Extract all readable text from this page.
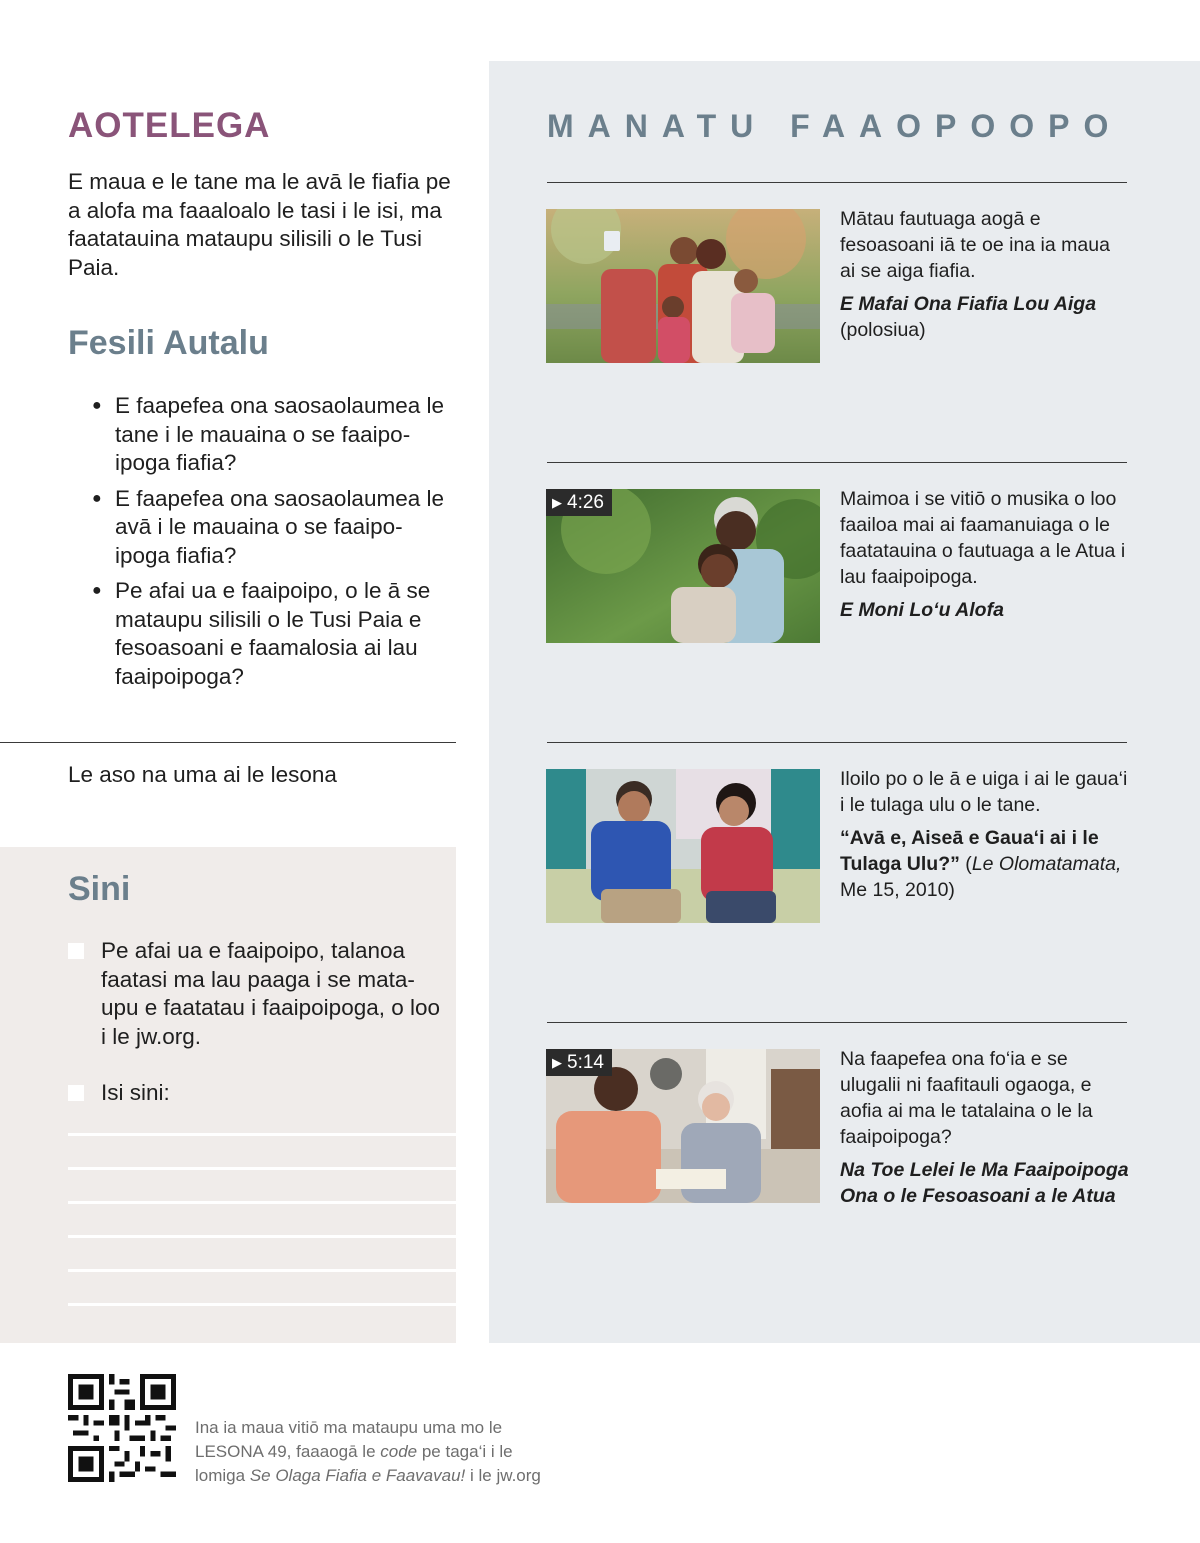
AOTELEGA

E maua e le tane ma le avā le fiafia pe a alofa ma faaaloalo le tasi i le isi, ma faatatauina mataupu silisili o le Tusi Paia.

Fesili Autalu
● E faapefea ona saosaolaumea le tane i le mauaina o se faaipo-ipoga fiafia?
● E faapefea ona saosaolaumea le avā i le mauaina o se faaipo-ipoga fiafia?
● Pe afai ua e faaipoipo, o le ā se mataupu silisili o le Tusi Paia e fesoasoani e faamalosia ai lau faaipoipoga?
Le aso na uma ai le lesona
Sini
Pe afai ua e faaipoipo, talanoa faatasi ma lau paaga i se mata-upu e faatatau i faaipoipoga, o loo i le jw.org.
Isi sini:
MANATU FAAOPOOPO
Mātau fautuaga aogā e fesoasoani iā te oe ina ia maua ai se aiga fiafia.
E Mafai Ona Fiafia Lou Aiga
(polosiua)
▶ 4:26	Maimoa i se vitiō o musika o loo faailoa mai ai faamanuiaga o le faatatauina o fautuaga a le Atua i lau faaipoipoga.
E Moni Lo‘u Alofa
Iloilo po o le ā e uiga i ai le gaua‘i i le tulaga ulu o le tane.
“Avā e, Aiseā e Gaua‘i ai i le Tulaga Ulu?” (Le Olomatamata, Me 15, 2010)
▶ 5:14	Na faapefea ona fo‘ia e se ulugalii ni faafitauli ogaoga, e aofia ai ma le tatalaina o le la faaipoipoga?
Na Toe Lelei le Ma Faaipoipoga Ona o le Fesoasoani a le Atua
Ina ia maua vitiō ma mataupu uma mo le
LESONA 49, faaaogā le code pe taga‘i i le
lomiga Se Olaga Fiafia e Faavavau! i le jw.org
